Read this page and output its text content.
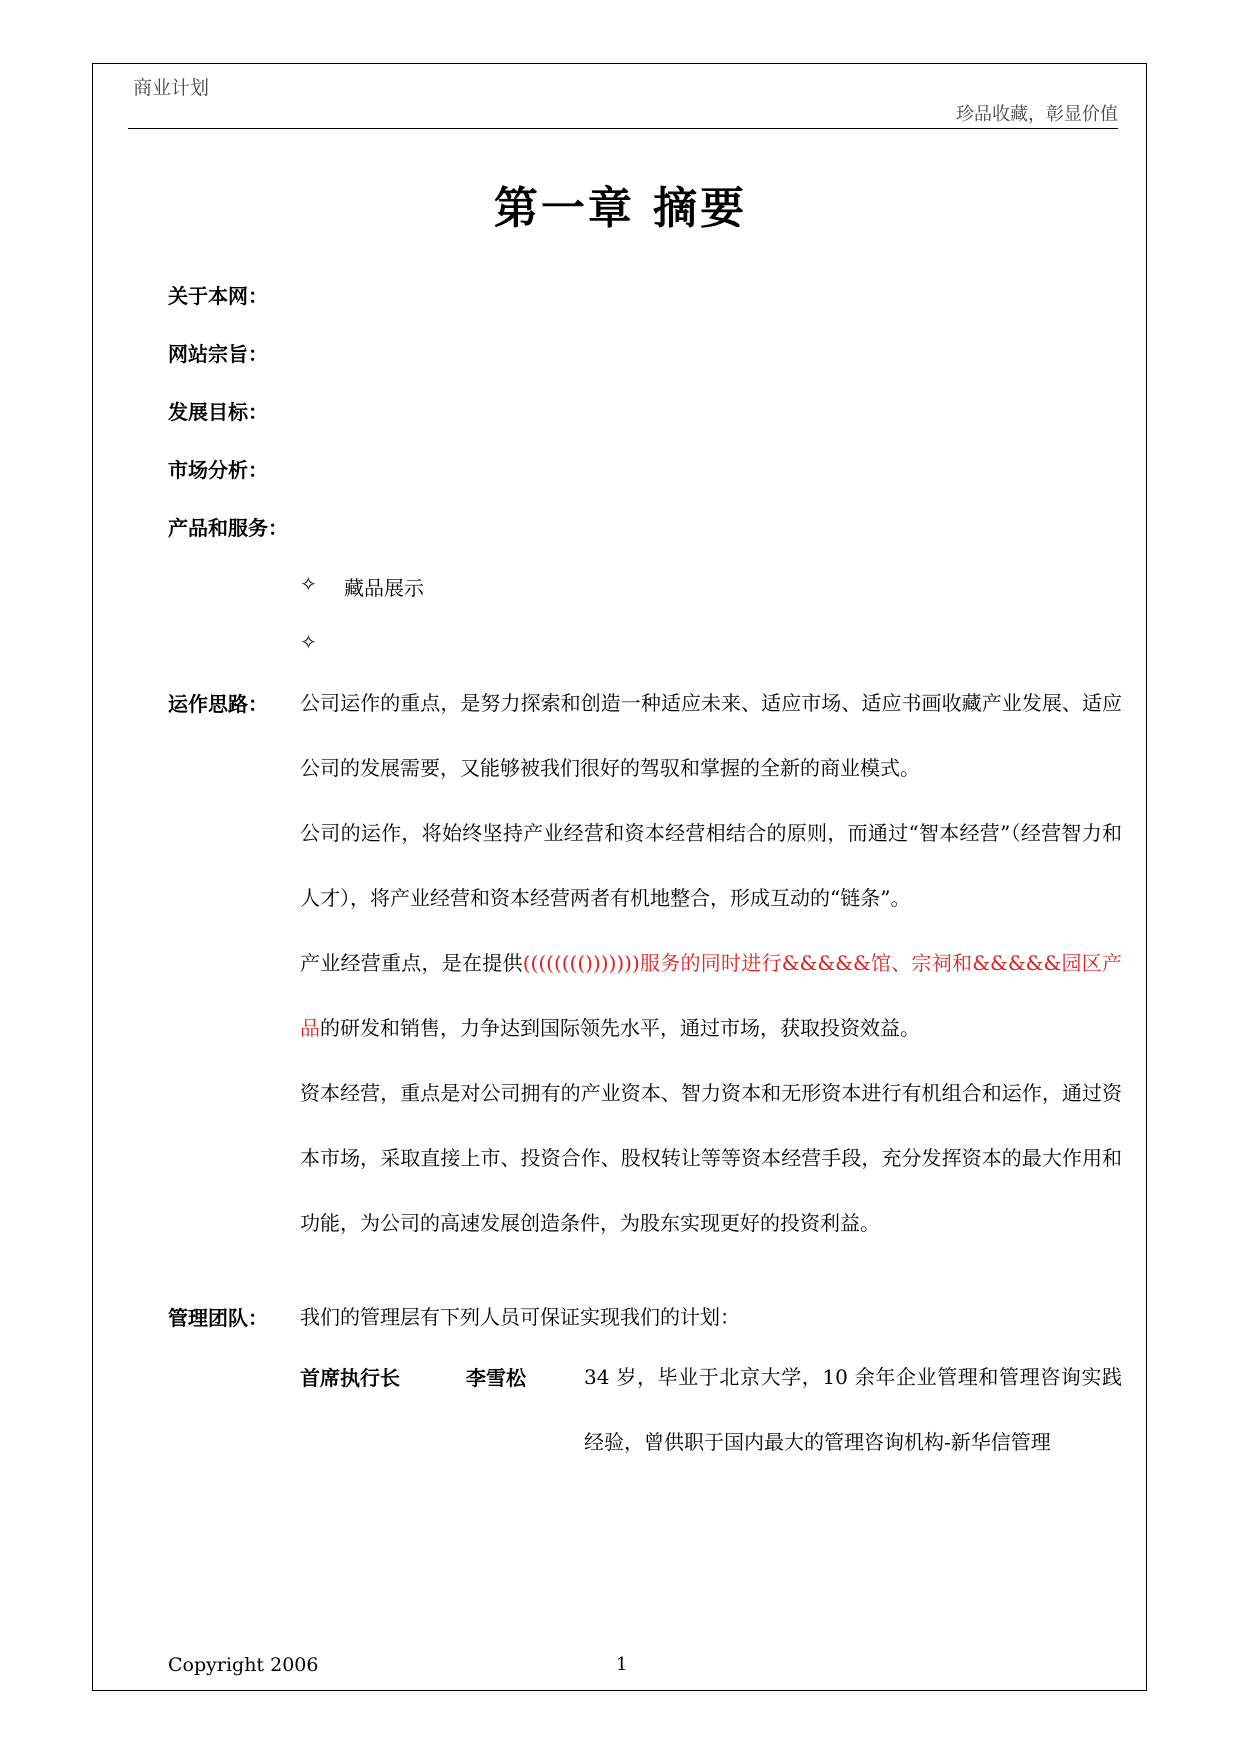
商业计划
珍品收藏，彰显价值
第一章 摘要
关于本网：
网站宗旨：
发展目标：
市场分析：
产品和服务：
✧ 藏品展示
✧
运作思路： 公司运作的重点，是努力探索和创造一种适应未来、适应市场、适应书画收藏产业发展、适应公司的发展需要，又能够被我们很好的驾驭和掌握的全新的商业模式。
公司的运作，将始终坚持产业经营和资本经营相结合的原则，而通过“智本经营”（经营智力和人才），将产业经营和资本经营两者有机地整合，形成互动的“链条”。
产业经营重点，是在提供(((((((()))))))服务的同时进行&&&&&馆、宗祠和&&&&&园区产品的研发和销售，力争达到国际领先水平，通过市场，获取投资效益。
资本经营，重点是对公司拥有的产业资本、智力资本和无形资本进行有机组合和运作，通过资本市场，采取直接上市、投资合作、股权转让等等资本经营手段，充分发挥资本的最大作用和功能，为公司的高速发展创造条件，为股东实现更好的投资利益。
管理团队： 我们的管理层有下列人员可保证实现我们的计划：
首席执行长	李雪松	34 岁，毕业于北京大学，10 余年企业管理和管理咨询实践经验，曾供职于国内最大的管理咨询机构-新华信管理
Copyright 2006	1
